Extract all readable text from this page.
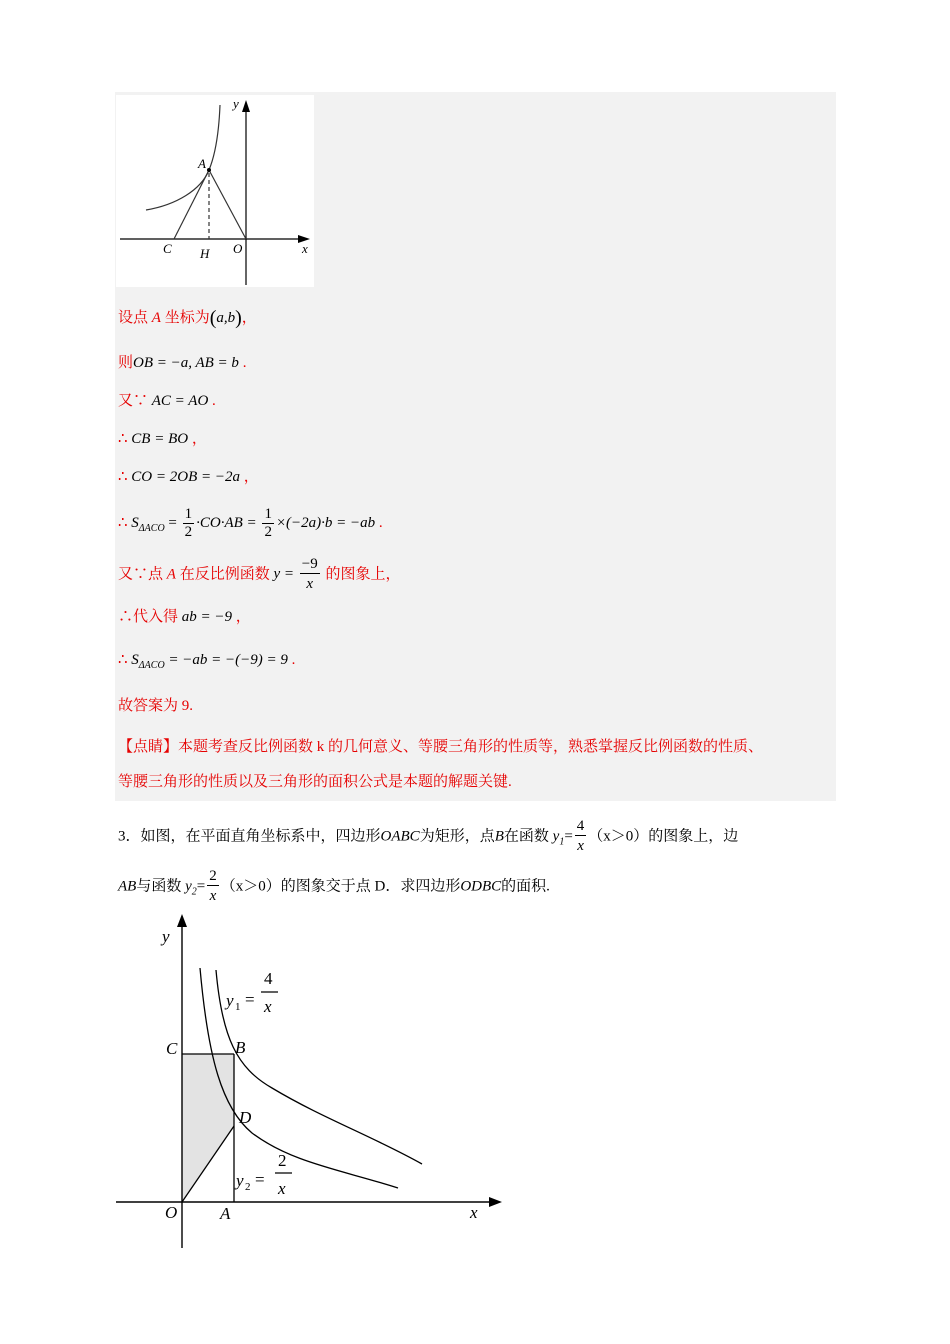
y
x
A
C H O
设点 A 坐标为(a,b)，
则OB = −a, AB = b .
又∵ AC = AO .
∴ CB = BO ，
∴ CO = 2OB = −2a ，
∴ $S_{\Delta ACO} = \frac{1}{2} \cdot CO\cdot AB = \frac{1}{2} \times(-2a)\cdot b = -ab$ .
又∵点 A 在反比例函数 $y = \frac{-9}{x}$ 的图象上，
∴代入得 ab = −9 ，
∴ $S_{\Delta ACO} = -ab = -(-9) = 9$ .
故答案为 9.
【点睛】本题考查反比例函数 k 的几何意义、等腰三角形的性质等，熟悉掌握反比例函数的性质、
等腰三角形的性质以及三角形的面积公式是本题的解题关键.
3．如图，在平面直角坐标系中，四边形OABC为矩形，点B在函数 $y_1= \frac{4}{x} (x>0)$的图象上，边
AB与函数 $y_2= \frac{2}{x} (x>0)$的图象交于点 D．求四边形ODBC的面积.
y
x
O	A
C	B
D
y 1 =
4
x
y 2 =
2
x
